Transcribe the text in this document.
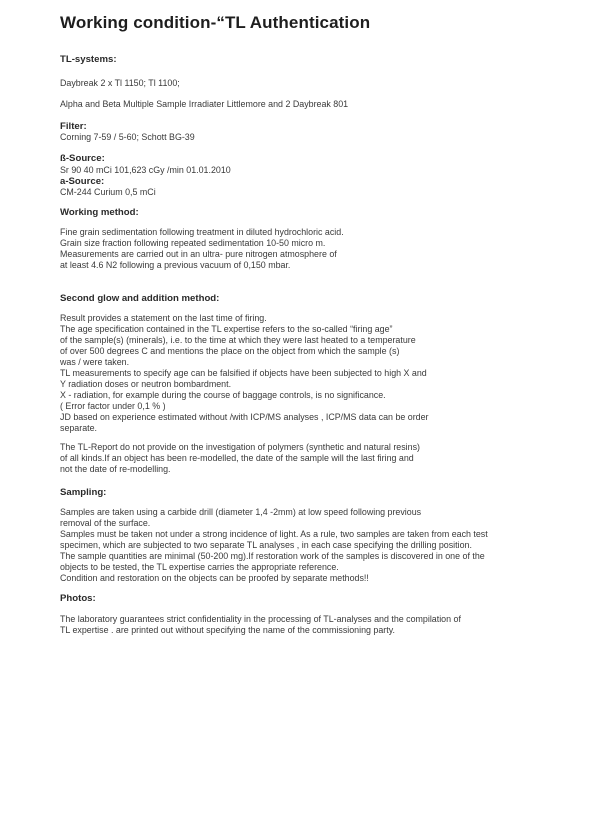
Working condition-“TL Authentication
TL-systems:
Daybreak 2 x Tl 1150; Tl 1100;
Alpha and Beta Multiple Sample Irradiater Littlemore and 2 Daybreak 801
Filter:
Corning 7-59 / 5-60; Schott BG-39
ß-Source:
Sr 90 40 mCi 101,623 cGy /min 01.01.2010
a-Source:
CM-244 Curium 0,5 mCi
Working method:
Fine grain sedimentation following treatment in diluted hydrochloric acid.
Grain size fraction following repeated sedimentation 10-50 micro m.
Measurements are carried out in an ultra- pure nitrogen atmosphere of
at least 4.6 N2 following a previous vacuum of 0,150 mbar.
Second glow and addition method:
Result provides a statement on the last time of firing.
The age specification contained in the TL expertise refers to the so-called “firing age”
of the sample(s) (minerals), i.e. to the time at which they were last heated to a temperature
of over 500 degrees C and mentions the place on the object from which the sample (s)
was / were taken.
TL measurements to specify age can be falsified if objects have been subjected to high X and
Y radiation doses or neutron bombardment.
X - radiation, for example during the course of baggage controls, is no significance.
( Error factor under 0,1 % )
JD based on experience estimated without /with ICP/MS analyses , ICP/MS data can be order
separate.
The TL-Report do not provide on the investigation of polymers (synthetic and natural resins)
of all kinds.If an object has been re-modelled, the date of the sample will the last firing and
not the date of re-modelling.
Sampling:
Samples are taken using a carbide drill (diameter 1,4 -2mm) at low speed following previous
removal of the surface.
Samples must be taken not under a strong incidence of light. As a rule, two samples are taken from each test
specimen, which are subjected to two separate TL analyses , in each case specifying the drilling position.
The sample quantities are minimal (50-200 mg).If restoration work of the samples is discovered in one of the
objects to be tested, the TL expertise carries the appropriate reference.
Condition and restoration on the objects can be proofed by separate methods!!
Photos:
The laboratory guarantees strict confidentiality in the processing of TL-analyses and the compilation of
TL expertise . are printed out without specifying the name of the commissioning party.
